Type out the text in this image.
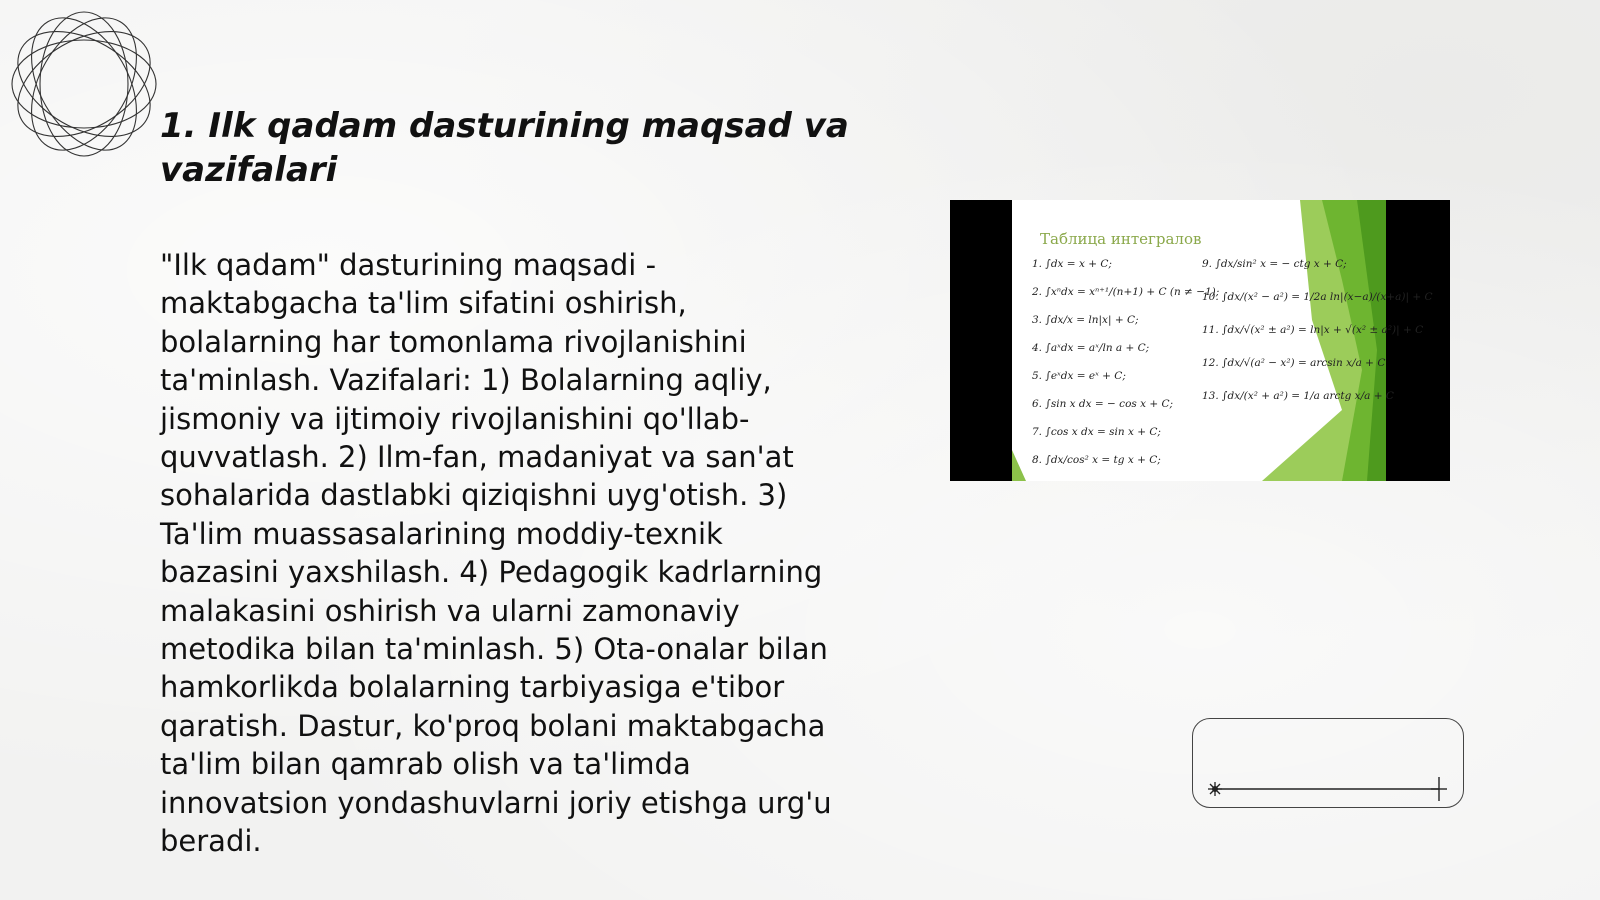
1. Ilk qadam dasturining maqsad va vazifalari

"Ilk qadam" dasturining maqsadi - maktabgacha ta'lim sifatini oshirish, bolalarning har tomonlama rivojlanishini ta'minlash. Vazifalari: 1) Bolalarning aqliy, jismoniy va ijtimoiy rivojlanishini qo'llab-quvvatlash. 2) Ilm-fan, madaniyat va san'at sohalarida dastlabki qiziqishni uyg'otish. 3) Ta'lim muassasalarining moddiy-texnik bazasini yaxshilash. 4) Pedagogik kadrlarning malakasini oshirish va ularni zamonaviy metodika bilan ta'minlash. 5) Ota-onalar bilan hamkorlikda bolalarning tarbiyasiga e'tibor qaratish. Dastur, ko'proq bolani maktabgacha ta'lim bilan qamrab olish va ta'limda innovatsion yondashuvlarni joriy etishga urg'u beradi.

Таблица интегралов
1. ∫dx = x + C;
2. ∫xⁿdx = xⁿ⁺¹/(n+1) + C (n ≠ −1);
3. ∫dx/x = ln|x| + C;
4. ∫aˣdx = aˣ/ln a + C;
5. ∫eˣdx = eˣ + C;
6. ∫sin x dx = − cos x + C;
7. ∫cos x dx = sin x + C;
8. ∫dx/cos² x = tg x + C;
9. ∫dx/sin² x = − ctg x + C;
10. ∫dx/(x² − a²) = 1/2a ln|(x−a)/(x+a)| + C
11. ∫dx/√(x² ± a²) = ln|x + √(x² ± a²)| + C
12. ∫dx/√(a² − x²) = arcsin x/a + C
13. ∫dx/(x² + a²) = 1/a arctg x/a + C
